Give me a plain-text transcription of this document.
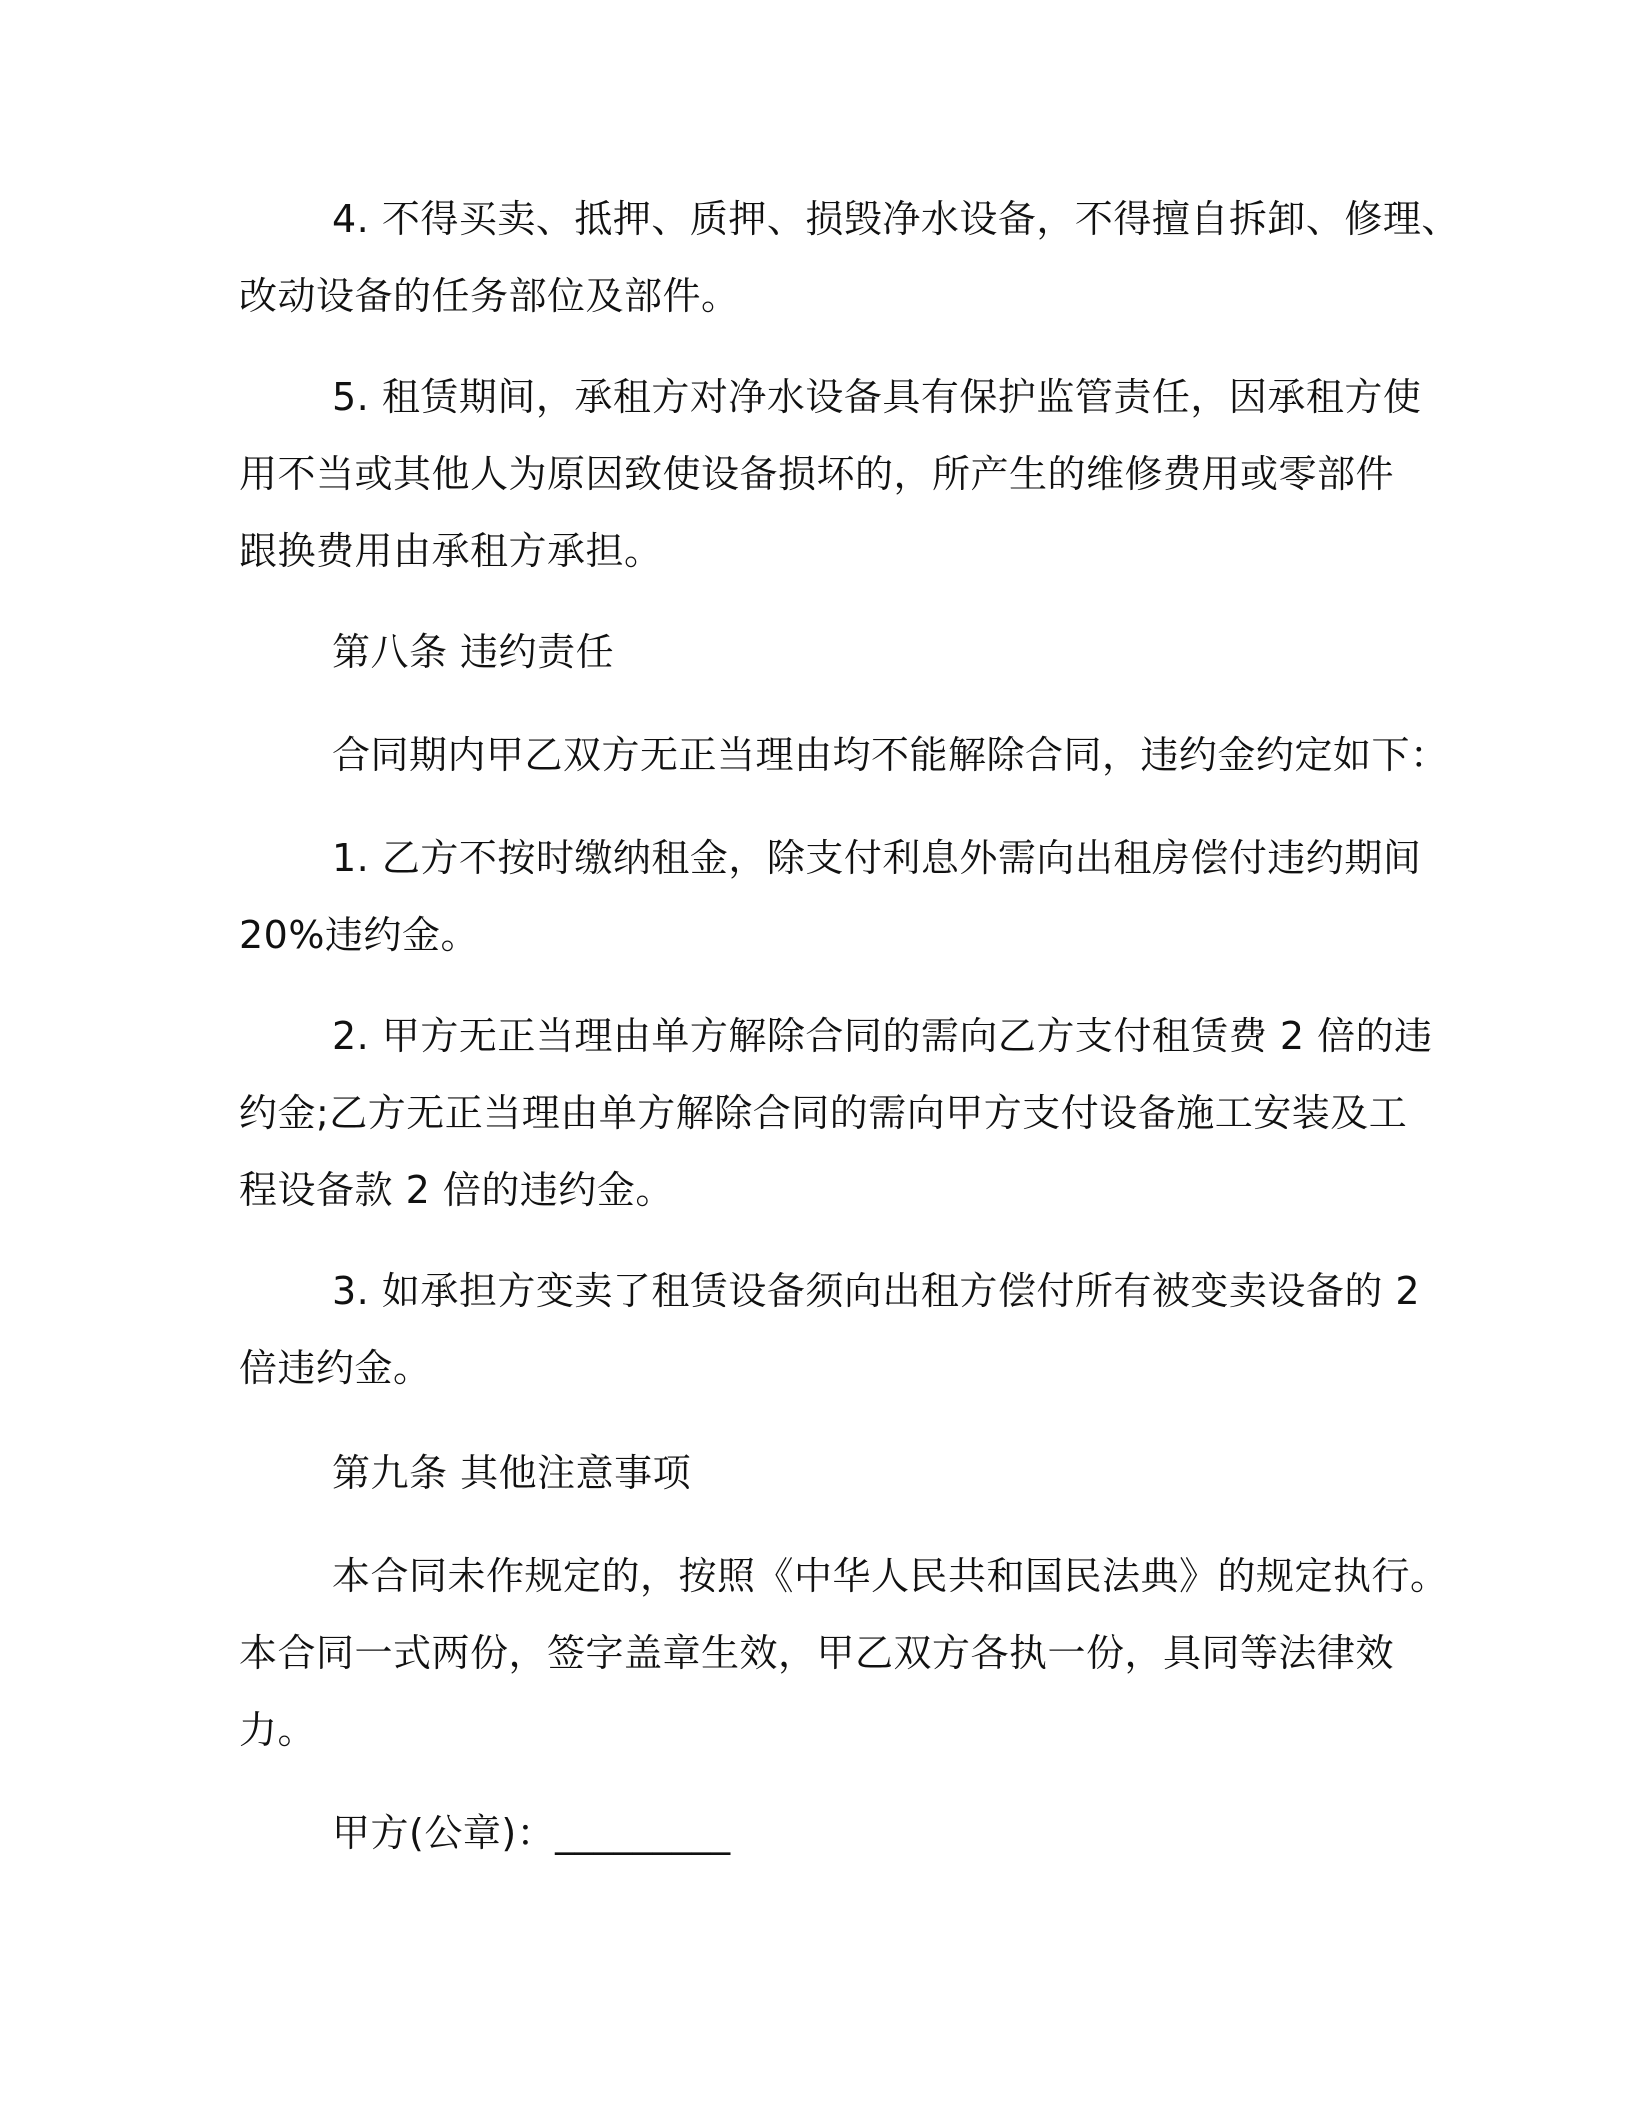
4. 不得买卖、抵押、质押、损毁净水设备，不得擅自拆卸、修理、
改动设备的任务部位及部件。
5. 租赁期间，承租方对净水设备具有保护监管责任，因承租方使
用不当或其他人为原因致使设备损坏的，所产生的维修费用或零部件
跟换费用由承租方承担。
第八条 违约责任
合同期内甲乙双方无正当理由均不能解除合同，违约金约定如下：
1. 乙方不按时缴纳租金，除支付利息外需向出租房偿付违约期间
20%违约金。
2. 甲方无正当理由单方解除合同的需向乙方支付租赁费 2 倍的违
约金;乙方无正当理由单方解除合同的需向甲方支付设备施工安装及工
程设备款 2 倍的违约金。
3. 如承担方变卖了租赁设备须向出租方偿付所有被变卖设备的 2
倍违约金。
第九条 其他注意事项
本合同未作规定的，按照《中华人民共和国民法典》的规定执行。
本合同一式两份，签字盖章生效，甲乙双方各执一份，具同等法律效
力。
甲方(公章)：_________
